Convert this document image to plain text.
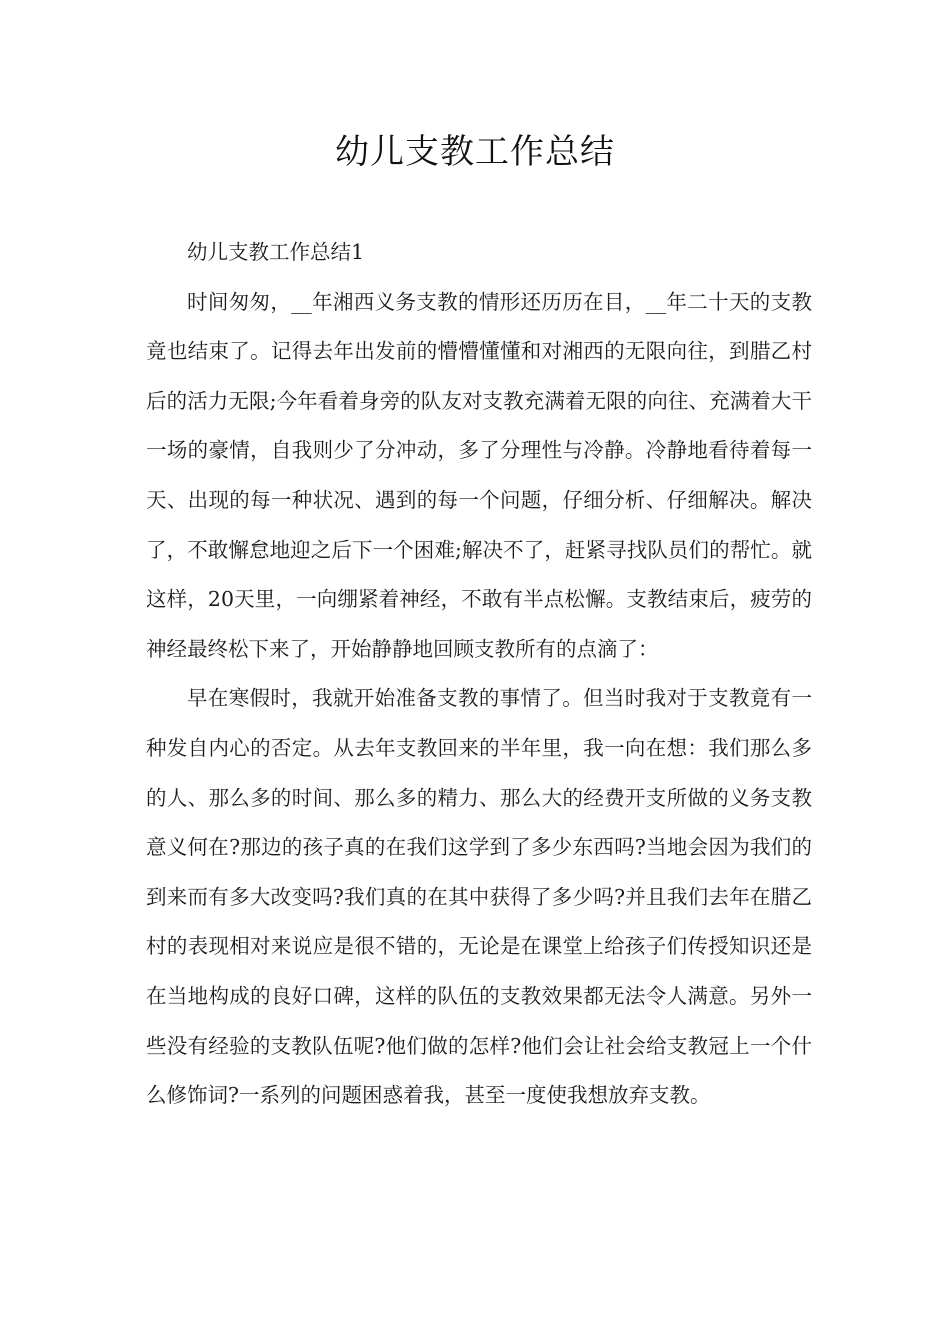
幼儿支教工作总结

幼儿支教工作总结1

时间匆匆，__年湘西义务支教的情形还历历在目，__年二十天的支教竟也结束了。记得去年出发前的懵懵懂懂和对湘西的无限向往，到腊乙村后的活力无限;今年看着身旁的队友对支教充满着无限的向往、充满着大干一场的豪情，自我则少了分冲动，多了分理性与冷静。冷静地看待着每一天、出现的每一种状况、遇到的每一个问题，仔细分析、仔细解决。解决了，不敢懈怠地迎之后下一个困难;解决不了，赶紧寻找队员们的帮忙。就这样，20天里，一向绷紧着神经，不敢有半点松懈。支教结束后，疲劳的神经最终松下来了，开始静静地回顾支教所有的点滴了：

早在寒假时，我就开始准备支教的事情了。但当时我对于支教竟有一种发自内心的否定。从去年支教回来的半年里，我一向在想：我们那么多的人、那么多的时间、那么多的精力、那么大的经费开支所做的义务支教意义何在?那边的孩子真的在我们这学到了多少东西吗?当地会因为我们的到来而有多大改变吗?我们真的在其中获得了多少吗?并且我们去年在腊乙村的表现相对来说应是很不错的，无论是在课堂上给孩子们传授知识还是在当地构成的良好口碑，这样的队伍的支教效果都无法令人满意。另外一些没有经验的支教队伍呢?他们做的怎样?他们会让社会给支教冠上一个什么修饰词?一系列的问题困惑着我，甚至一度使我想放弃支教。
